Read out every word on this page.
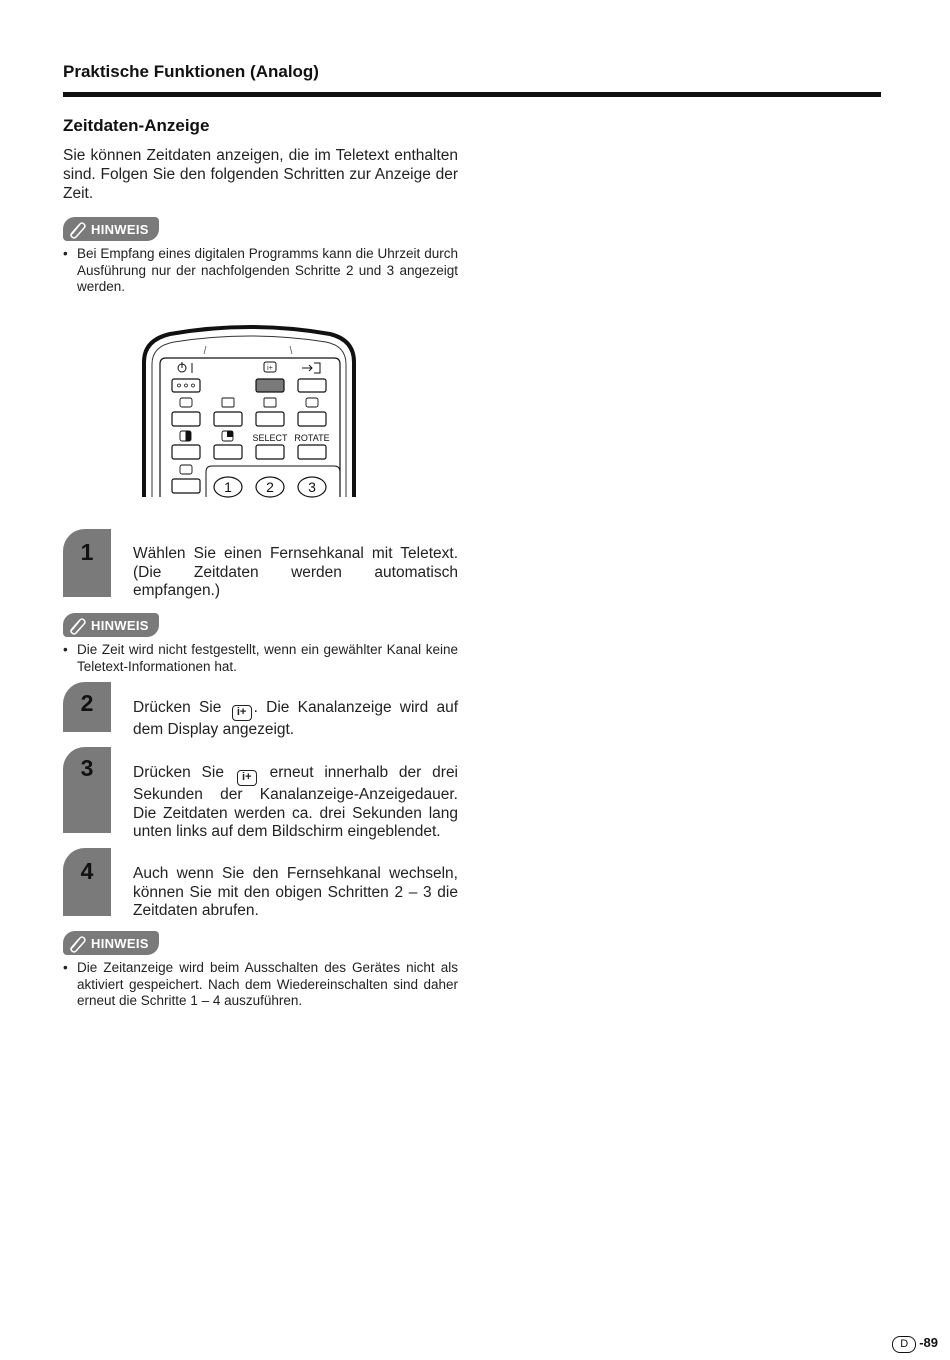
Praktische Funktionen (Analog)
Zeitdaten-Anzeige
Sie können Zeitdaten anzeigen, die im Teletext enthalten sind. Folgen Sie den folgenden Schritten zur Anzeige der Zeit.
HINWEIS
• Bei Empfang eines digitalen Programms kann die Uhrzeit durch Ausführung nur der nachfolgenden Schritte 2 und 3 angezeigt werden.
i+
SELECT ROTATE
1 2 3
1	Wählen Sie einen Fernsehkanal mit Teletext. (Die Zeitdaten werden automatisch empfangen.)
HINWEIS
• Die Zeit wird nicht festgestellt, wenn ein gewählter Kanal keine Teletext-Informationen hat.
2	Drücken Sie i+ . Die Kanalanzeige wird auf dem Display angezeigt.
3	Drücken Sie i+ erneut innerhalb der drei Sekunden der Kanalanzeige-Anzeigedauer. Die Zeitdaten werden ca. drei Sekunden lang unten links auf dem Bildschirm eingeblendet.
4	Auch wenn Sie den Fernsehkanal wechseln, können Sie mit den obigen Schritten 2 – 3 die Zeitdaten abrufen.
HINWEIS
• Die Zeitanzeige wird beim Ausschalten des Gerätes nicht als aktiviert gespeichert. Nach dem Wiedereinschalten sind daher erneut die Schritte 1 – 4 auszuführen.
D -89
